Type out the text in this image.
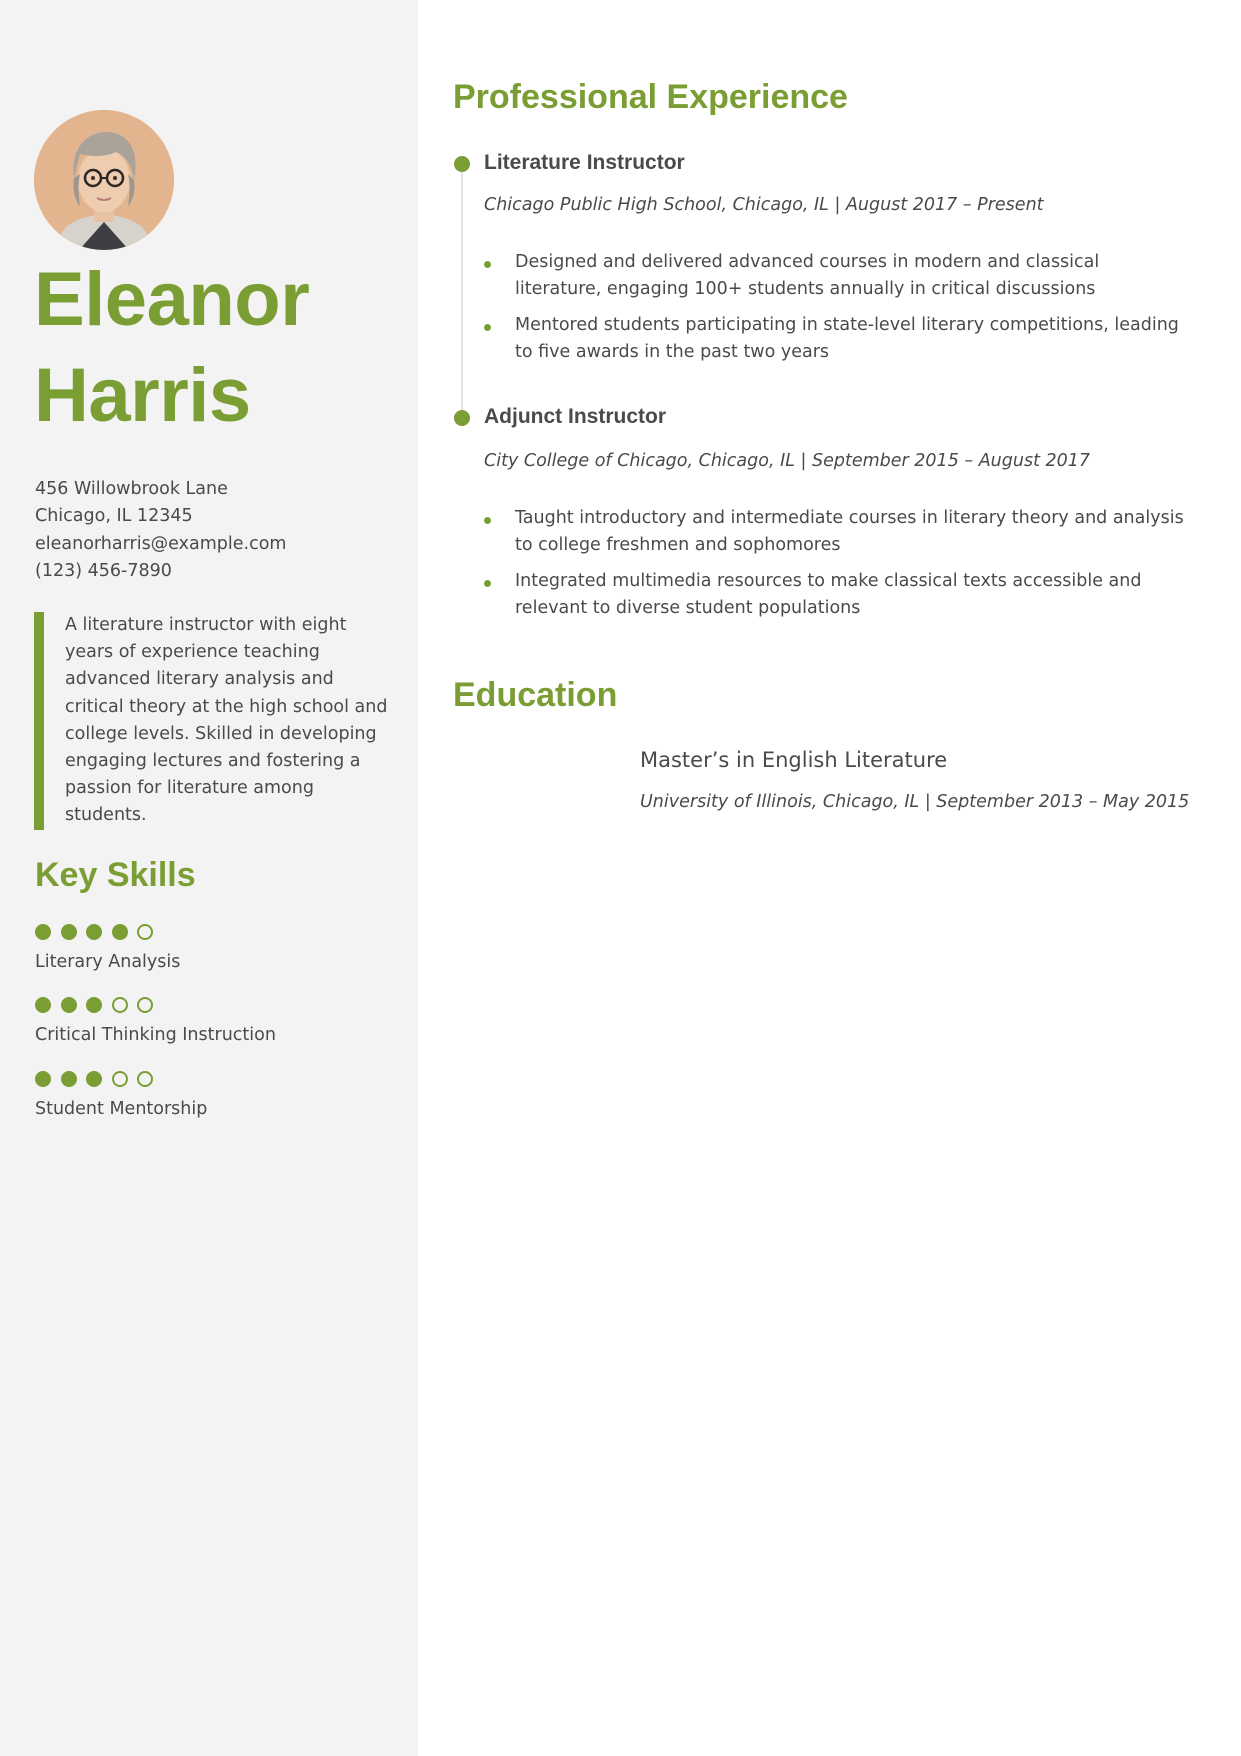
Eleanor
Harris
456 Willowbrook Lane
Chicago, IL 12345
eleanorharris@example.com
(123) 456-7890
A literature instructor with eight years of experience teaching advanced literary analysis and critical theory at the high school and college levels. Skilled in developing engaging lectures and fostering a passion for literature among students.
Key Skills
Literary Analysis
Critical Thinking Instruction
Student Mentorship
Professional Experience
Literature Instructor
Chicago Public High School, Chicago, IL | August 2017 – Present
Designed and delivered advanced courses in modern and classical literature, engaging 100+ students annually in critical discussions
Mentored students participating in state-level literary competitions, leading to five awards in the past two years
Adjunct Instructor
City College of Chicago, Chicago, IL | September 2015 – August 2017
Taught introductory and intermediate courses in literary theory and analysis to college freshmen and sophomores
Integrated multimedia resources to make classical texts accessible and relevant to diverse student populations
Education
Master’s in English Literature
University of Illinois, Chicago, IL | September 2013 – May 2015
